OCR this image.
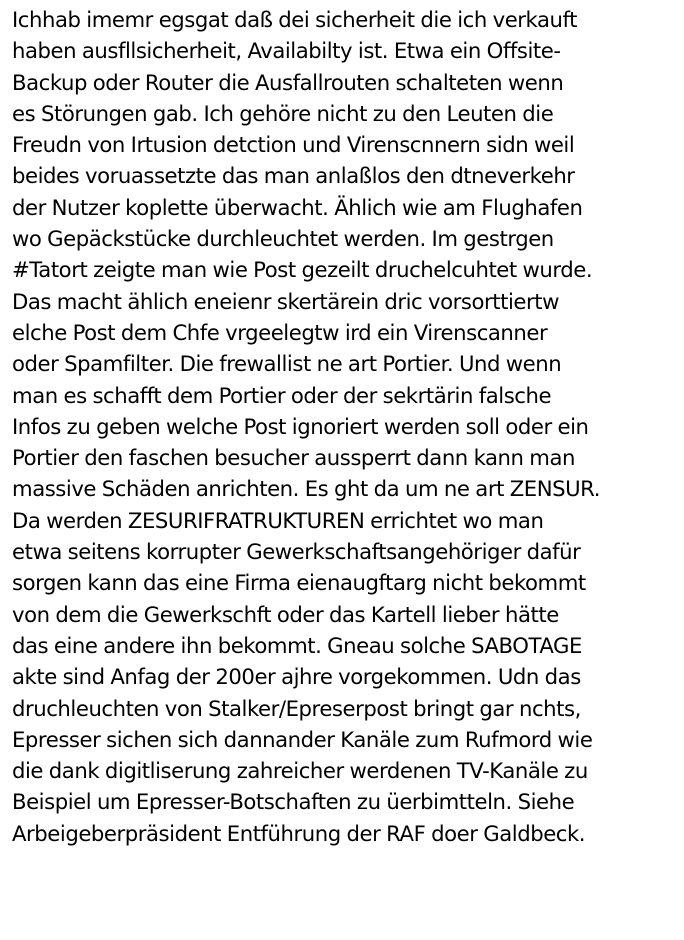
Ichhab imemr egsgat daß dei sicherheit die ich verkauft
haben ausfllsicherheit, Availabilty ist. Etwa ein Offsite-
Backup oder Router die Ausfallrouten schalteten wenn
es Störungen gab. Ich gehöre nicht zu den Leuten die
Freudn von Irtusion detction und Virenscnnern sidn weil
beides voruassetzte das man anlaßlos den dtneverkehr
der Nutzer koplette überwacht. Ählich wie am Flughafen
wo Gepäckstücke durchleuchtet werden. Im gestrgen
#Tatort zeigte man wie Post gezeilt druchelcuhtet wurde.
Das macht ählich eneienr skertärein dric vorsorttiertw
elche Post dem Chfe vrgeelegtw ird ein Virenscanner
oder Spamfilter. Die frewallist ne art Portier. Und wenn
man es schafft dem Portier oder der sekrtärin falsche
Infos zu geben welche Post ignoriert werden soll oder ein
Portier den faschen besucher aussperrt dann kann man
massive Schäden anrichten. Es ght da um ne art ZENSUR.
Da werden ZESURIFRATRUKTUREN errichtet wo man
etwa seitens korrupter Gewerkschaftsangehöriger dafür
sorgen kann das eine Firma eienaugftarg nicht bekommt
von dem die Gewerkschft oder das Kartell lieber hätte
das eine andere ihn bekommt. Gneau solche SABOTAGE
akte sind Anfag der 200er ajhre vorgekommen. Udn das
druchleuchten von Stalker/Epreserpost bringt gar nchts,
Epresser sichen sich dannander Kanäle zum Rufmord wie
die dank digitliserung zahreicher werdenen TV-Kanäle zu
Beispiel um Epresser-Botschaften zu üerbimtteln. Siehe
Arbeigeberpräsident Entführung der RAF doer Galdbeck.
